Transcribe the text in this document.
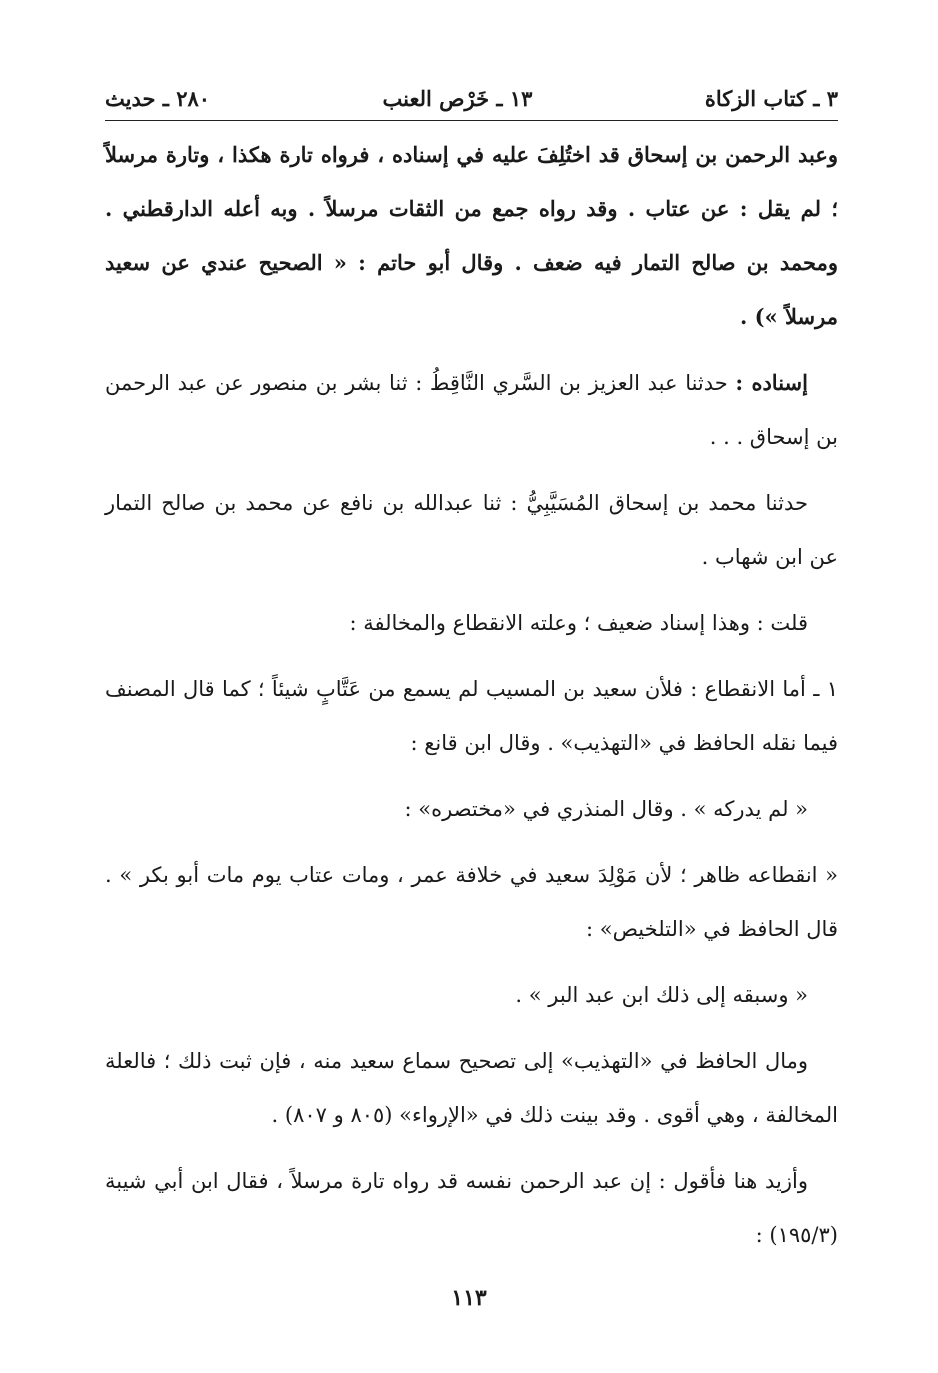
٣ ـ كتاب الزكاة
١٣ ـ خَرْص العنب
٢٨٠ ـ حديث

وعبد الرحمن بن إسحاق قد اختُلِفَ عليه في إسناده ، فرواه تارة هكذا ، وتارة مرسلاً ؛ لم يقل : عن عتاب . وقد رواه جمع من الثقات مرسلاً . وبه أعله الدارقطني . ومحمد بن صالح التمار فيه ضعف . وقال أبو حاتم : « الصحيح عندي عن سعيد مرسلاً ») .

إسناده : حدثنا عبد العزيز بن السَّري النَّاقِطُ : ثنا بشر بن منصور عن عبد الرحمن بن إسحاق . . .

حدثنا محمد بن إسحاق المُسَيَّبِيُّ : ثنا عبدالله بن نافع عن محمد بن صالح التمار عن ابن شهاب .

قلت : وهذا إسناد ضعيف ؛ وعلته الانقطاع والمخالفة :

١ ـ أما الانقطاع : فلأن سعيد بن المسيب لم يسمع من عَتَّابٍ شيئاً ؛ كما قال المصنف فيما نقله الحافظ في «التهذيب» . وقال ابن قانع :

« لم يدركه » . وقال المنذري في «مختصره» :

« انقطاعه ظاهر ؛ لأن مَوْلِدَ سعيد في خلافة عمر ، ومات عتاب يوم مات أبو بكر » . قال الحافظ في «التلخيص» :

« وسبقه إلى ذلك ابن عبد البر » .

ومال الحافظ في «التهذيب» إلى تصحيح سماع سعيد منه ، فإن ثبت ذلك ؛ فالعلة المخالفة ، وهي أقوى . وقد بينت ذلك في «الإرواء» (٨٠٥ و ٨٠٧) .

وأزيد هنا فأقول : إن عبد الرحمن نفسه قد رواه تارة مرسلاً ، فقال ابن أبي شيبة (١٩٥/٣) :

١١٣
